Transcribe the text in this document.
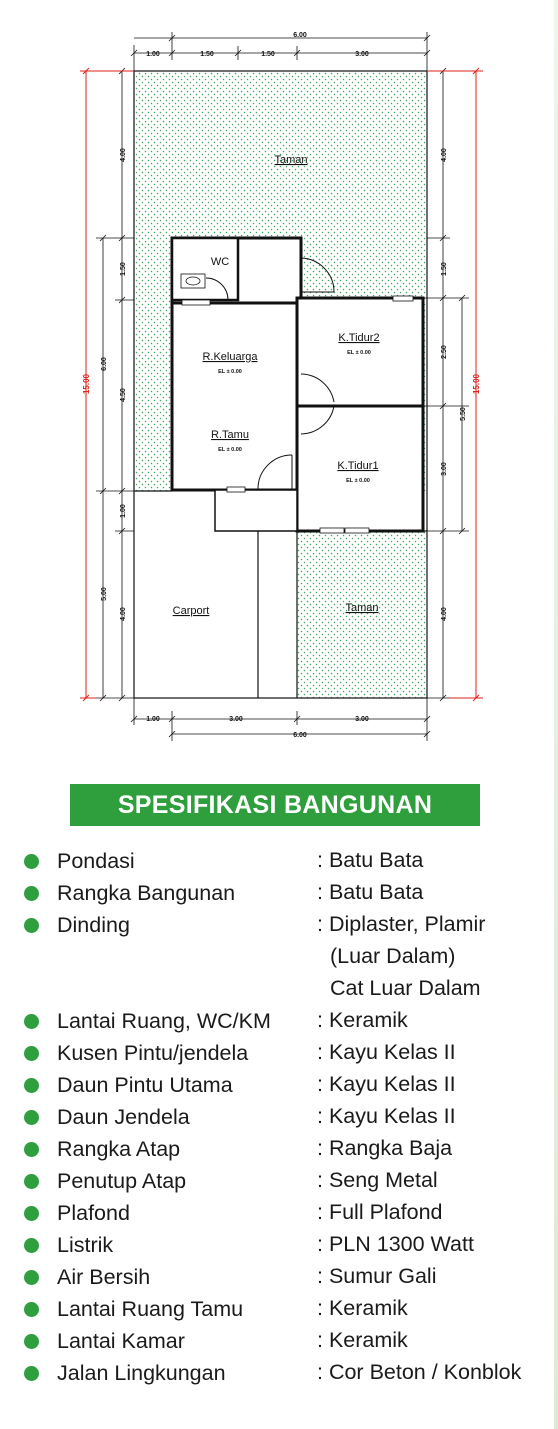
6.00
1.00	1.50	1.50	3.00
1.00	3.00	3.00
6.00
15.00
6.00
5.00
4.00
1.50
4.50
1.00
4.00
15.00
4.00
1.50
5.50
4.00
2.50
3.00
Taman
WC
R.Keluarga
EL ± 0.00
R.Tamu
EL ± 0.00
K.Tidur2
EL ± 0.00
K.Tidur1
EL ± 0.00
Carport	Taman
SPESIFIKASI BANGUNAN
Pondasi	: Batu Bata
Rangka Bangunan	: Batu Bata
Dinding	: Diplaster, Plamir
(Luar Dalam)
Cat Luar Dalam
Lantai Ruang, WC/KM : Keramik
Kusen Pintu/jendela	: Kayu Kelas II
Daun Pintu Utama	: Kayu Kelas II
Daun Jendela	: Kayu Kelas II
Rangka Atap	: Rangka Baja
Penutup Atap	: Seng Metal
Plafond	: Full Plafond
Listrik	: PLN 1300 Watt
Air Bersih	: Sumur Gali
Lantai Ruang Tamu	: Keramik
Lantai Kamar	: Keramik
Jalan Lingkungan	: Cor Beton / Konblok
